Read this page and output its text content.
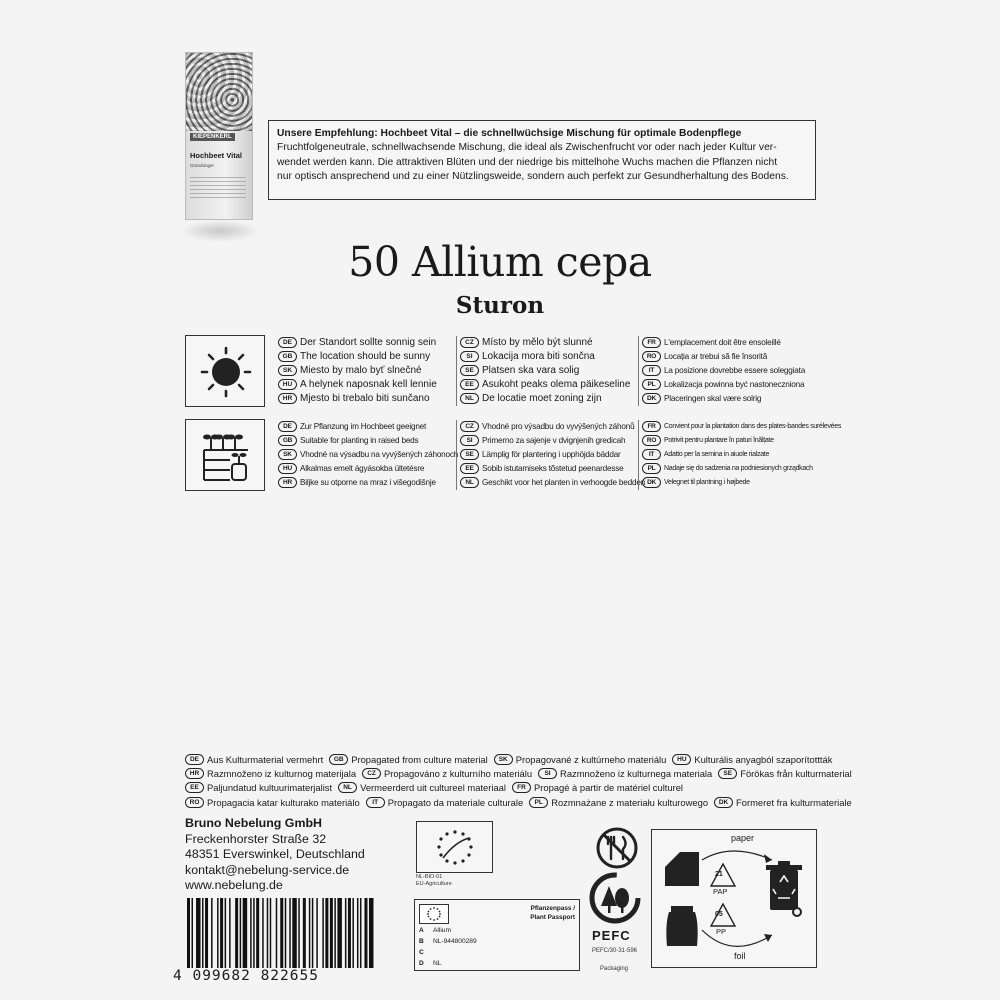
KIEPENKERL
Hochbeet Vital
Gründünger
Unsere Empfehlung: Hochbeet Vital – die schnellwüchsige Mischung für optimale Bodenpflege
Fruchtfolgeneutrale, schnellwachsende Mischung, die ideal als Zwischenfrucht vor oder nach jeder Kultur ver-
wendet werden kann. Die attraktiven Blüten und der niedrige bis mittelhohe Wuchs machen die Pflanzen nicht
nur optisch ansprechend und zu einer Nützlingsweide, sondern auch perfekt zur Gesundherhaltung des Bodens.
50 Allium cepa
Sturon
DE Der Standort sollte sonnig sein
GB The location should be sunny
SK Miesto by malo byť slnečné
HU A helynek naposnak kell lennie
HR Mjesto bi trebalo biti sunčano
CZ Místo by mělo být slunné
SI Lokacija mora biti sončna
SE Platsen ska vara solig
EE Asukoht peaks olema päikeseline
NL De locatie moet zoning zijn
FR	L'emplacement doit être ensoleillé
RO Locația ar trebui să fie însorită
IT	La posizione dovrebbe essere soleggiata
PL	Lokalizacja powinna być nastoneczniona
DK Placeringen skal være solrig
DE Zur Pflanzung im Hochbeet geeignet
GB Suitable for planting in raised beds
SK Vhodné na výsadbu na vyvýšených záhonoch
HU Alkalmas emelt ágyásokba ültetésre
HR Biljke su otporne na mraz i višegodišnje
CZ	Vhodné pro výsadbu do vyvýšených záhonů
SI	Primerno za sajenje v dvignjenih gredicah
SE	Lämplig för plantering i upphöjda bäddar
EE	Sobib istutamiseks tõstetud peenardesse
NL	Geschikt voor het planten in verhoogde bedden
FR	Convient pour la plantation dans des plates-bandes surélevées
RO	Potrivit pentru plantare în paturi înălțate
IT	Adatto per la semina in aiuole rialzate
PL	Nadaje się do sadzenia na podniesionych grządkach
DK	Velegnet til plantning i højbede
DE Aus Kulturmaterial vermehrt	GB Propagated from culture material	SK Propagované z kultúrneho materiálu	HU Kulturális anyagból szaporítottták
HR Razmnoženo iz kulturnog materijala	CZ Propagováno z kulturního materiálu	SI	Razmnoženo iz kulturnega materiala	SE Förökas från kulturmaterial
EE Paljundatud kultuurimaterjalist	NL Vermeerderd uit cultureel materiaal	FR Propagé à partir de matériel culturel
RO Propagacia katar kulturako materiálo	IT	Propagato da materiale culturale	PL Rozmnażane z materiału kulturowego	DK Formeret fra kulturmateriale
Bruno Nebelung GmbH
Freckenhorster Straße 32
48351 Everswinkel, Deutschland
kontakt@nebelung-service.de
www.nebelung.de
4 099682 822655
NL-BIO-01
EU-Agriculture
Pflanzenpass /
Plant Passport
A	Allium
B	NL-944800289
C
D	NL
PEFC
PEFC/30-31-596
Packaging
paper
foil
21
PAP
05
PP
